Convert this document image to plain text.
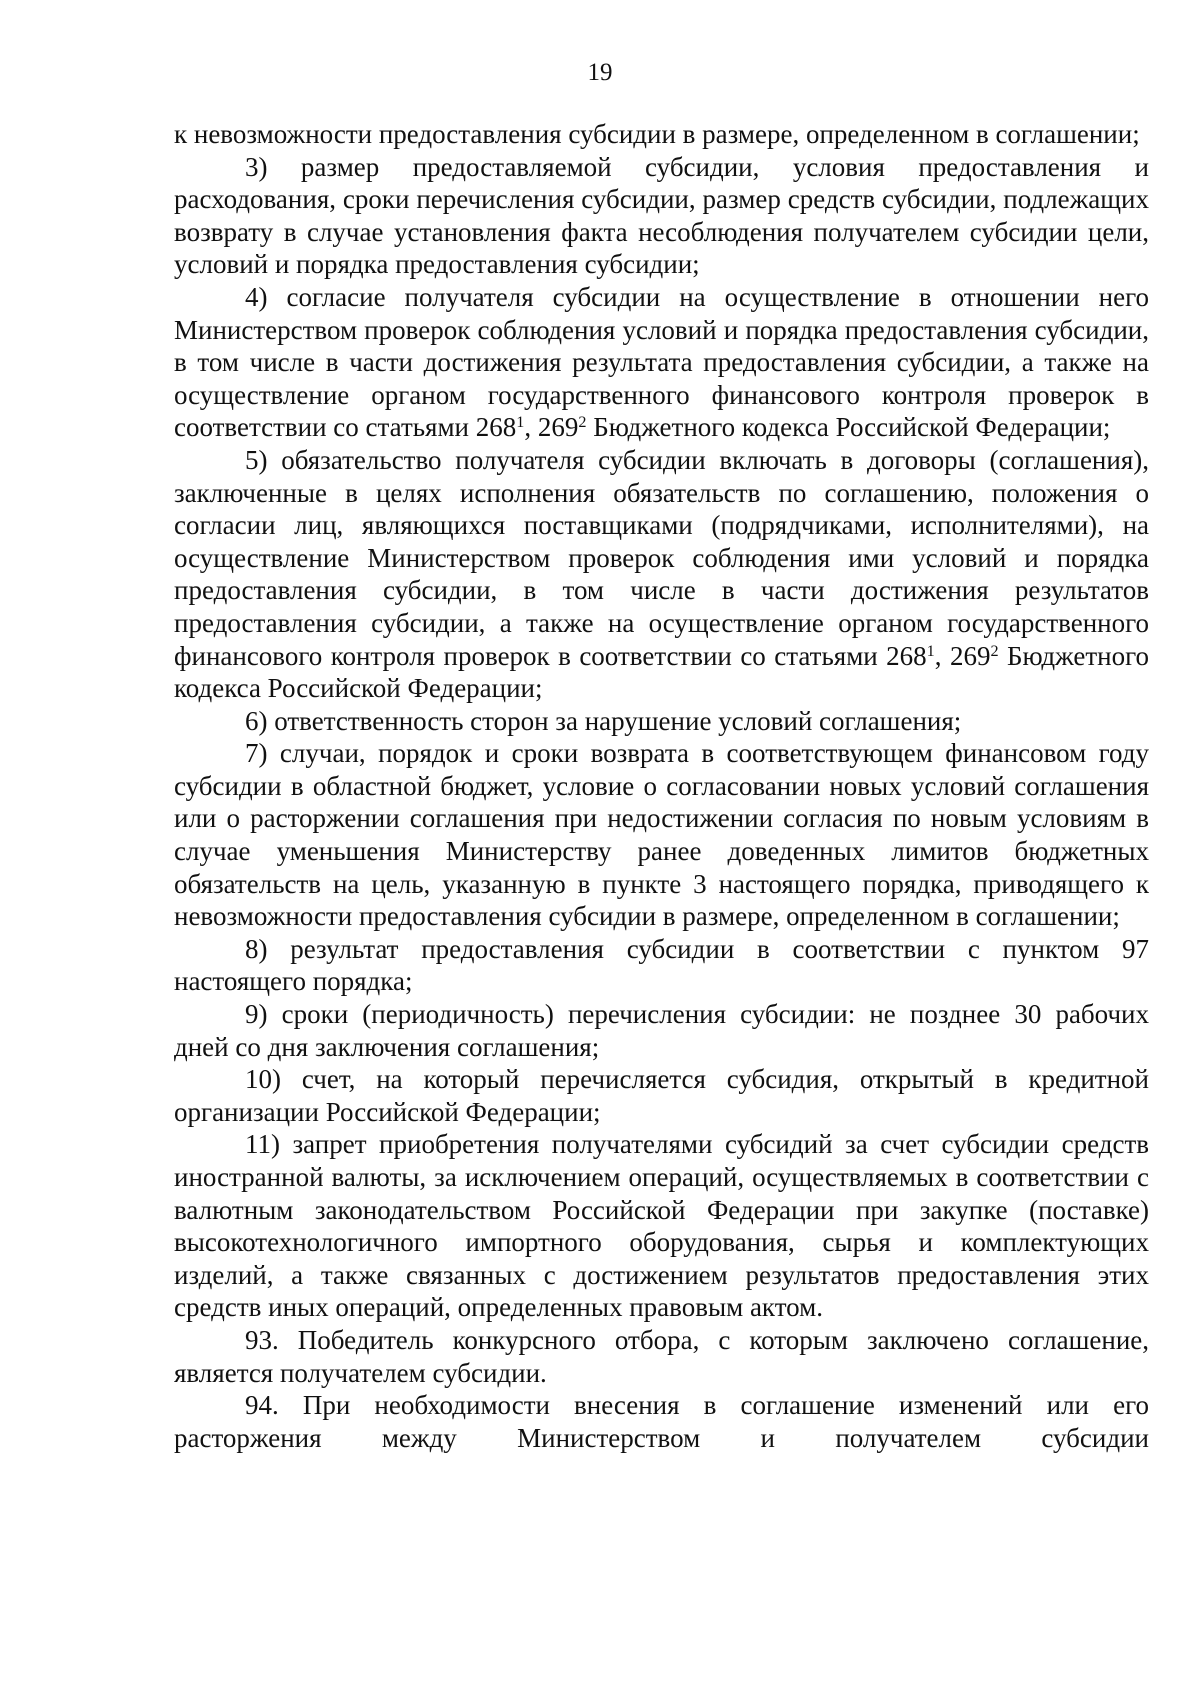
19

к невозможности предоставления субсидии в размере, определенном в соглашении;

3) размер предоставляемой субсидии, условия предоставления и расходования, сроки перечисления субсидии, размер средств субсидии, подлежащих возврату в случае установления факта несоблюдения получателем субсидии цели, условий и порядка предоставления субсидии;

4) согласие получателя субсидии на осуществление в отношении него Министерством проверок соблюдения условий и порядка предоставления субсидии, в том числе в части достижения результата предоставления субсидии, а также на осуществление органом государственного финансового контроля проверок в соответствии со статьями $268^1$, $269^2$ Бюджетного кодекса Российской Федерации;

5) обязательство получателя субсидии включать в договоры (соглашения), заключенные в целях исполнения обязательств по соглашению, положения о согласии лиц, являющихся поставщиками (подрядчиками, исполнителями), на осуществление Министерством проверок соблюдения ими условий и порядка предоставления субсидии, в том числе в части достижения результатов предоставления субсидии, а также на осуществление органом государственного финансового контроля проверок в соответствии со статьями $268^1$, $269^2$ Бюджетного кодекса Российской Федерации;

6) ответственность сторон за нарушение условий соглашения;

7) случаи, порядок и сроки возврата в соответствующем финансовом году субсидии в областной бюджет, условие о согласовании новых условий соглашения или о расторжении соглашения при недостижении согласия по новым условиям в случае уменьшения Министерству ранее доведенных лимитов бюджетных обязательств на цель, указанную в пункте 3 настоящего порядка, приводящего к невозможности предоставления субсидии в размере, определенном в соглашении;

8) результат предоставления субсидии в соответствии с пунктом 97 настоящего порядка;

9) сроки (периодичность) перечисления субсидии: не позднее 30 рабочих дней со дня заключения соглашения;

10) счет, на который перечисляется субсидия, открытый в кредитной организации Российской Федерации;

11) запрет приобретения получателями субсидий за счет субсидии средств иностранной валюты, за исключением операций, осуществляемых в соответствии с валютным законодательством Российской Федерации при закупке (поставке) высокотехнологичного импортного оборудования, сырья и комплектующих изделий, а также связанных с достижением результатов предоставления этих средств иных операций, определенных правовым актом.

93. Победитель конкурсного отбора, с которым заключено соглашение, является получателем субсидии.

94. При необходимости внесения в соглашение изменений или его расторжения между Министерством и получателем субсидии
